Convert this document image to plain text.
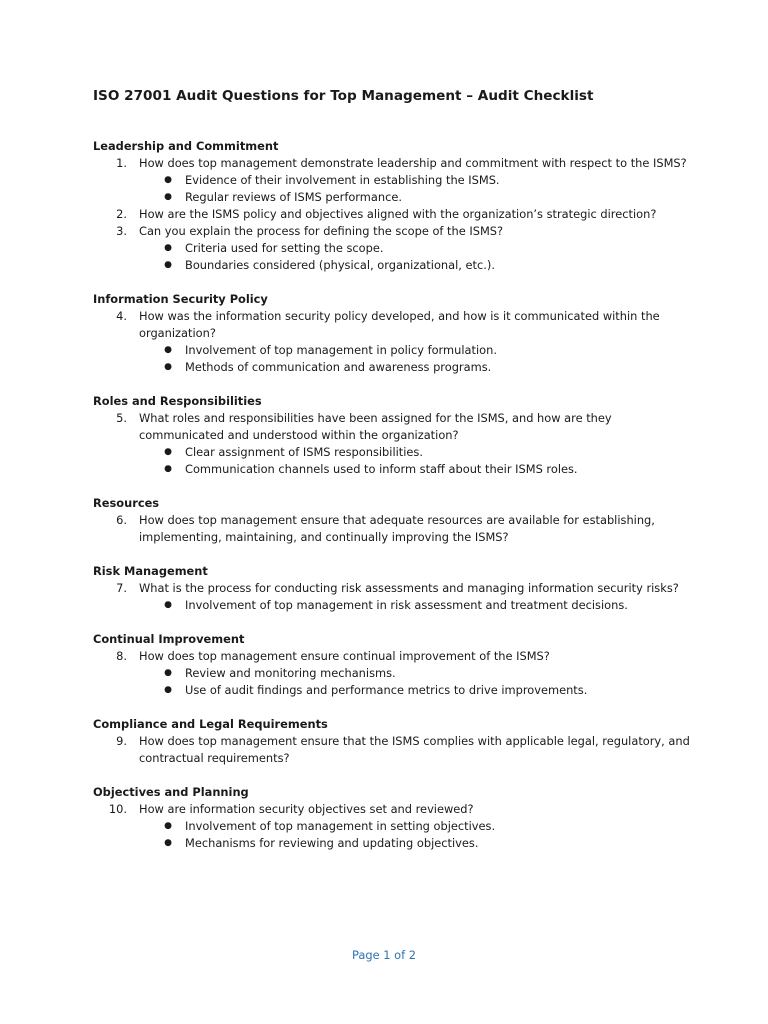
ISO 27001 Audit Questions for Top Management – Audit Checklist
Leadership and Commitment
1. How does top management demonstrate leadership and commitment with respect to the ISMS?
● Evidence of their involvement in establishing the ISMS.
● Regular reviews of ISMS performance.
2. How are the ISMS policy and objectives aligned with the organization’s strategic direction?
3. Can you explain the process for defining the scope of the ISMS?
● Criteria used for setting the scope.
● Boundaries considered (physical, organizational, etc.).
Information Security Policy
4. How was the information security policy developed, and how is it communicated within the organization?
● Involvement of top management in policy formulation.
● Methods of communication and awareness programs.
Roles and Responsibilities
5. What roles and responsibilities have been assigned for the ISMS, and how are they communicated and understood within the organization?
● Clear assignment of ISMS responsibilities.
● Communication channels used to inform staff about their ISMS roles.
Resources
6. How does top management ensure that adequate resources are available for establishing, implementing, maintaining, and continually improving the ISMS?
Risk Management
7. What is the process for conducting risk assessments and managing information security risks?
● Involvement of top management in risk assessment and treatment decisions.
Continual Improvement
8. How does top management ensure continual improvement of the ISMS?
● Review and monitoring mechanisms.
● Use of audit findings and performance metrics to drive improvements.
Compliance and Legal Requirements
9. How does top management ensure that the ISMS complies with applicable legal, regulatory, and contractual requirements?
Objectives and Planning
10. How are information security objectives set and reviewed?
● Involvement of top management in setting objectives.
● Mechanisms for reviewing and updating objectives.
Page 1 of 2
